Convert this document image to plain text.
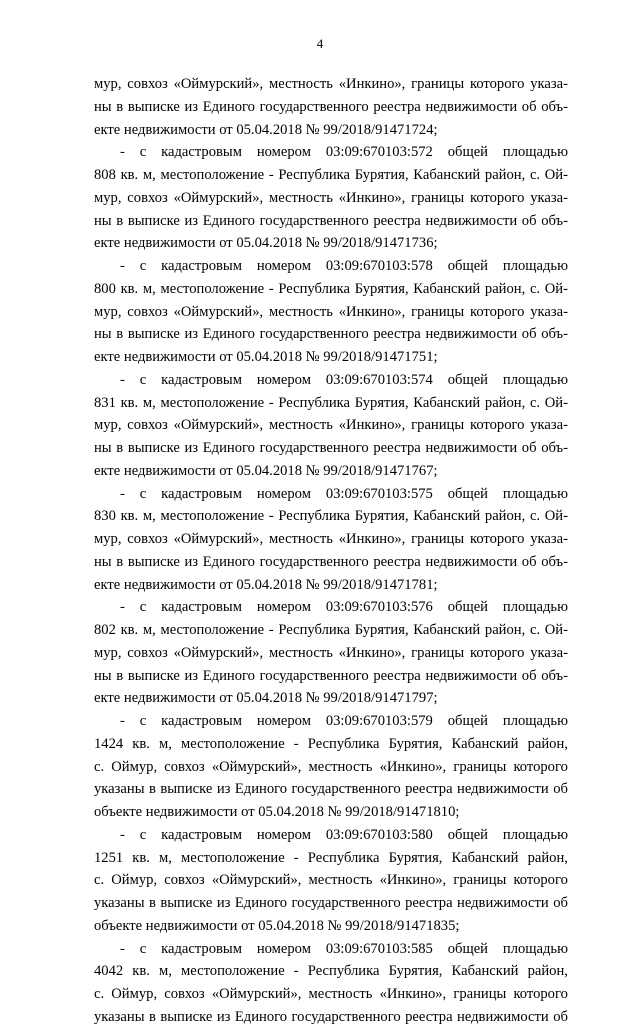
4
мур, совхоз «Оймурский», местность «Инкино», границы которого указа-
ны в выписке из Единого государственного реестра недвижимости об объ-
екте недвижимости от 05.04.2018 № 99/2018/91471724;
- с кадастровым номером 03:09:670103:572 общей площадью
808 кв. м, местоположение - Республика Бурятия, Кабанский район, с. Ой-
мур, совхоз «Оймурский», местность «Инкино», границы которого указа-
ны в выписке из Единого государственного реестра недвижимости об объ-
екте недвижимости от 05.04.2018 № 99/2018/91471736;
- с кадастровым номером 03:09:670103:578 общей площадью
800 кв. м, местоположение - Республика Бурятия, Кабанский район, с. Ой-
мур, совхоз «Оймурский», местность «Инкино», границы которого указа-
ны в выписке из Единого государственного реестра недвижимости об объ-
екте недвижимости от 05.04.2018 № 99/2018/91471751;
- с кадастровым номером 03:09:670103:574 общей площадью
831 кв. м, местоположение - Республика Бурятия, Кабанский район, с. Ой-
мур, совхоз «Оймурский», местность «Инкино», границы которого указа-
ны в выписке из Единого государственного реестра недвижимости об объ-
екте недвижимости от 05.04.2018 № 99/2018/91471767;
- с кадастровым номером 03:09:670103:575 общей площадью
830 кв. м, местоположение - Республика Бурятия, Кабанский район, с. Ой-
мур, совхоз «Оймурский», местность «Инкино», границы которого указа-
ны в выписке из Единого государственного реестра недвижимости об объ-
екте недвижимости от 05.04.2018 № 99/2018/91471781;
- с кадастровым номером 03:09:670103:576 общей площадью
802 кв. м, местоположение - Республика Бурятия, Кабанский район, с. Ой-
мур, совхоз «Оймурский», местность «Инкино», границы которого указа-
ны в выписке из Единого государственного реестра недвижимости об объ-
екте недвижимости от 05.04.2018 № 99/2018/91471797;
- с кадастровым номером 03:09:670103:579 общей площадью
1424 кв. м, местоположение - Республика Бурятия, Кабанский район,
с. Оймур, совхоз «Оймурский», местность «Инкино», границы которого
указаны в выписке из Единого государственного реестра недвижимости об
объекте недвижимости от 05.04.2018 № 99/2018/91471810;
- с кадастровым номером 03:09:670103:580 общей площадью
1251 кв. м, местоположение - Республика Бурятия, Кабанский район,
с. Оймур, совхоз «Оймурский», местность «Инкино», границы которого
указаны в выписке из Единого государственного реестра недвижимости об
объекте недвижимости от 05.04.2018 № 99/2018/91471835;
- с кадастровым номером 03:09:670103:585 общей площадью
4042 кв. м, местоположение - Республика Бурятия, Кабанский район,
с. Оймур, совхоз «Оймурский», местность «Инкино», границы которого
указаны в выписке из Единого государственного реестра недвижимости об
